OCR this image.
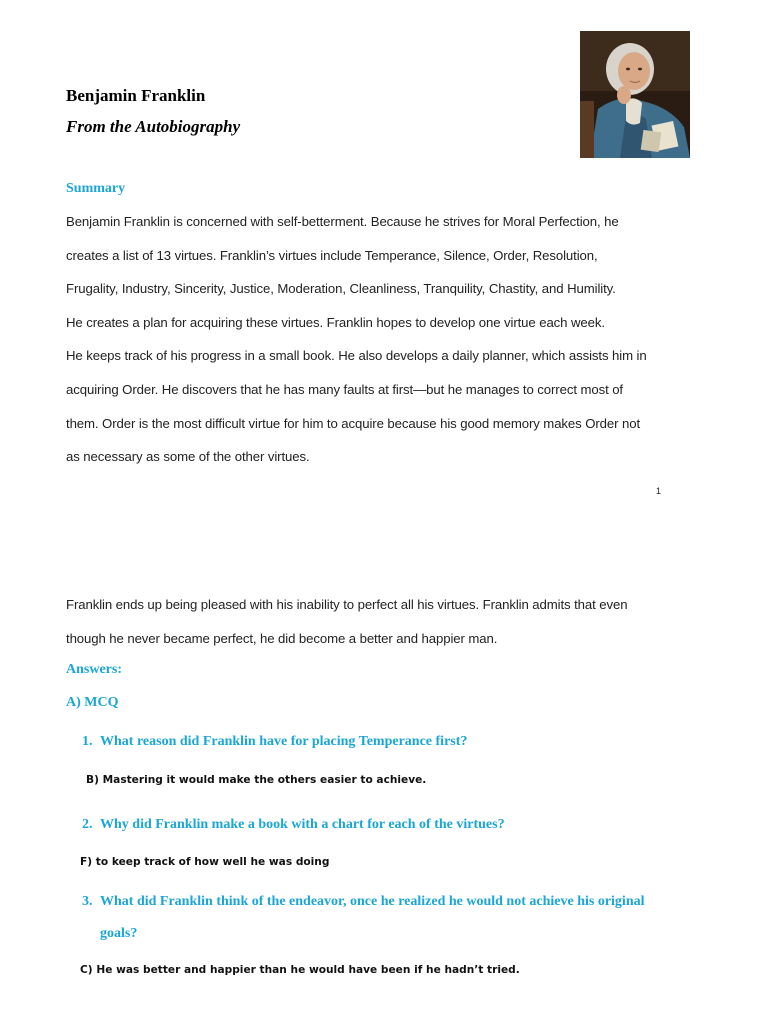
Benjamin Franklin
From the Autobiography
Summary

Benjamin Franklin is concerned with self-betterment. Because he strives for Moral Perfection, he

creates a list of 13 virtues. Franklin’s virtues include Temperance, Silence, Order, Resolution,

Frugality, Industry, Sincerity, Justice, Moderation, Cleanliness, Tranquility, Chastity, and Humility.

He creates a plan for acquiring these virtues. Franklin hopes to develop one virtue each week.

He keeps track of his progress in a small book. He also develops a daily planner, which assists him in

acquiring Order. He discovers that he has many faults at first—but he manages to correct most of

them. Order is the most difficult virtue for him to acquire because his good memory makes Order not

as necessary as some of the other virtues.

1

Franklin ends up being pleased with his inability to perfect all his virtues. Franklin admits that even

though he never became perfect, he did become a better and happier man.

Answers:
A) MCQ
1. What reason did Franklin have for placing Temperance first?
B) Mastering it would make the others easier to achieve.
2. Why did Franklin make a book with a chart for each of the virtues?
F) to keep track of how well he was doing
3. What did Franklin think of the endeavor, once he realized he would not achieve his original
goals?
C) He was better and happier than he would have been if he hadn’t tried.
